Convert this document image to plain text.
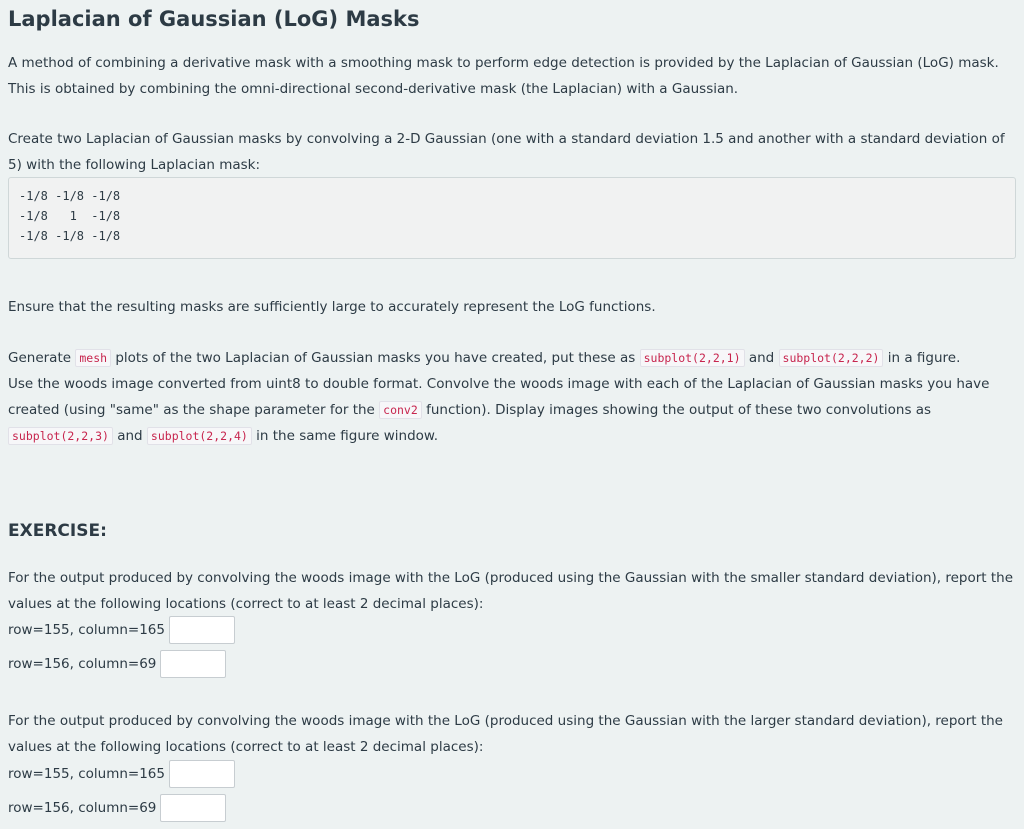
Laplacian of Gaussian (LoG) Masks

A method of combining a derivative mask with a smoothing mask to perform edge detection is provided by the Laplacian of Gaussian (LoG) mask. This is obtained by combining the omni-directional second-derivative mask (the Laplacian) with a Gaussian.

Create two Laplacian of Gaussian masks by convolving a 2-D Gaussian (one with a standard deviation 1.5 and another with a standard deviation of 5) with the following Laplacian mask:

-1/8 -1/8 -1/8
-1/8   1  -1/8
-1/8 -1/8 -1/8

Ensure that the resulting masks are sufficiently large to accurately represent the LoG functions.

Generate mesh plots of the two Laplacian of Gaussian masks you have created, put these as subplot(2,2,1) and subplot(2,2,2) in a figure.
Use the woods image converted from uint8 to double format. Convolve the woods image with each of the Laplacian of Gaussian masks you have created (using "same" as the shape parameter for the conv2 function). Display images showing the output of these two convolutions as subplot(2,2,3) and subplot(2,2,4) in the same figure window.

EXERCISE:

For the output produced by convolving the woods image with the LoG (produced using the Gaussian with the smaller standard deviation), report the values at the following locations (correct to at least 2 decimal places):

row=155, column=165
row=156, column=69

For the output produced by convolving the woods image with the LoG (produced using the Gaussian with the larger standard deviation), report the values at the following locations (correct to at least 2 decimal places):

row=155, column=165
row=156, column=69
